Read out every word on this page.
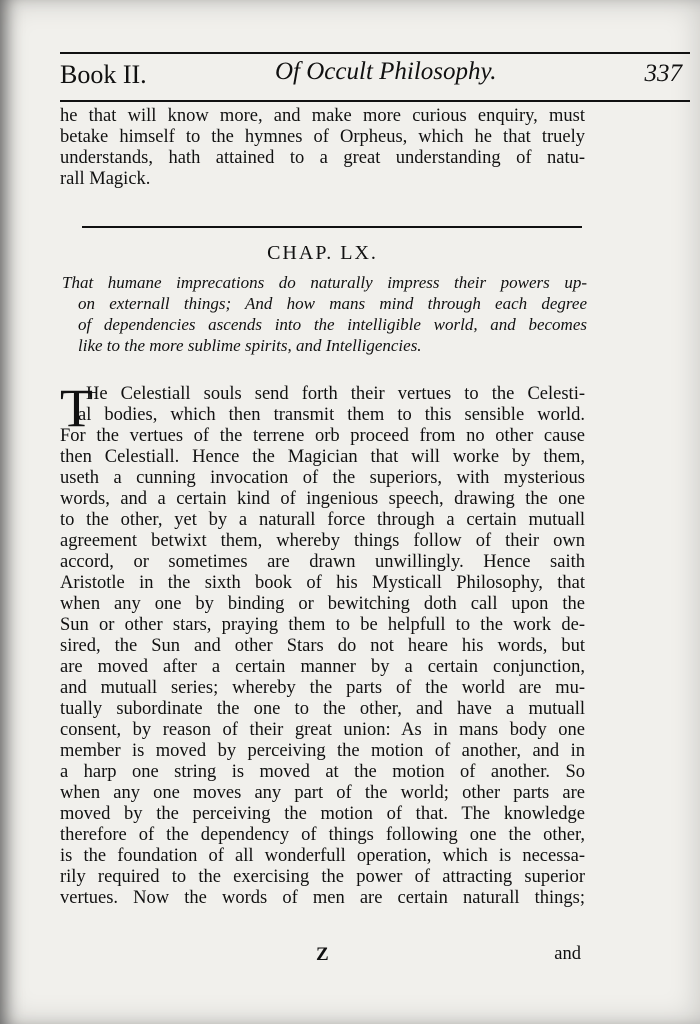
Book II.	Of Occult Philosophy.	337
he that will know more, and make more curious enquiry, must
betake himself to the hymnes of Orpheus, which he that truely
understands, hath attained to a great understanding of natu-
rall Magick.
CHAP. LX.
That humane imprecations do naturally impress their powers up-
on externall things; And how mans mind through each degree
of dependencies ascends into the intelligible world, and becomes
like to the more sublime spirits, and Intelligencies.
T
He Celestiall souls send forth their vertues to the Celesti-
al bodies, which then transmit them to this sensible world.
For the vertues of the terrene orb proceed from no other cause
then Celestiall. Hence the Magician that will worke by them,
useth a cunning invocation of the superiors, with mysterious
words, and a certain kind of ingenious speech, drawing the one
to the other, yet by a naturall force through a certain mutuall
agreement betwixt them, whereby things follow of their own
accord, or sometimes are drawn unwillingly. Hence saith
Aristotle in the sixth book of his Mysticall Philosophy, that
when any one by binding or bewitching doth call upon the
Sun or other stars, praying them to be helpfull to the work de-
sired, the Sun and other Stars do not heare his words, but
are moved after a certain manner by a certain conjunction,
and mutuall series; whereby the parts of the world are mu-
tually subordinate the one to the other, and have a mutuall
consent, by reason of their great union: As in mans body one
member is moved by perceiving the motion of another, and in
a harp one string is moved at the motion of another. So
when any one moves any part of the world; other parts are
moved by the perceiving the motion of that. The knowledge
therefore of the dependency of things following one the other,
is the foundation of all wonderfull operation, which is necessa-
rily required to the exercising the power of attracting superior
vertues. Now the words of men are certain naturall things;
Z	and
